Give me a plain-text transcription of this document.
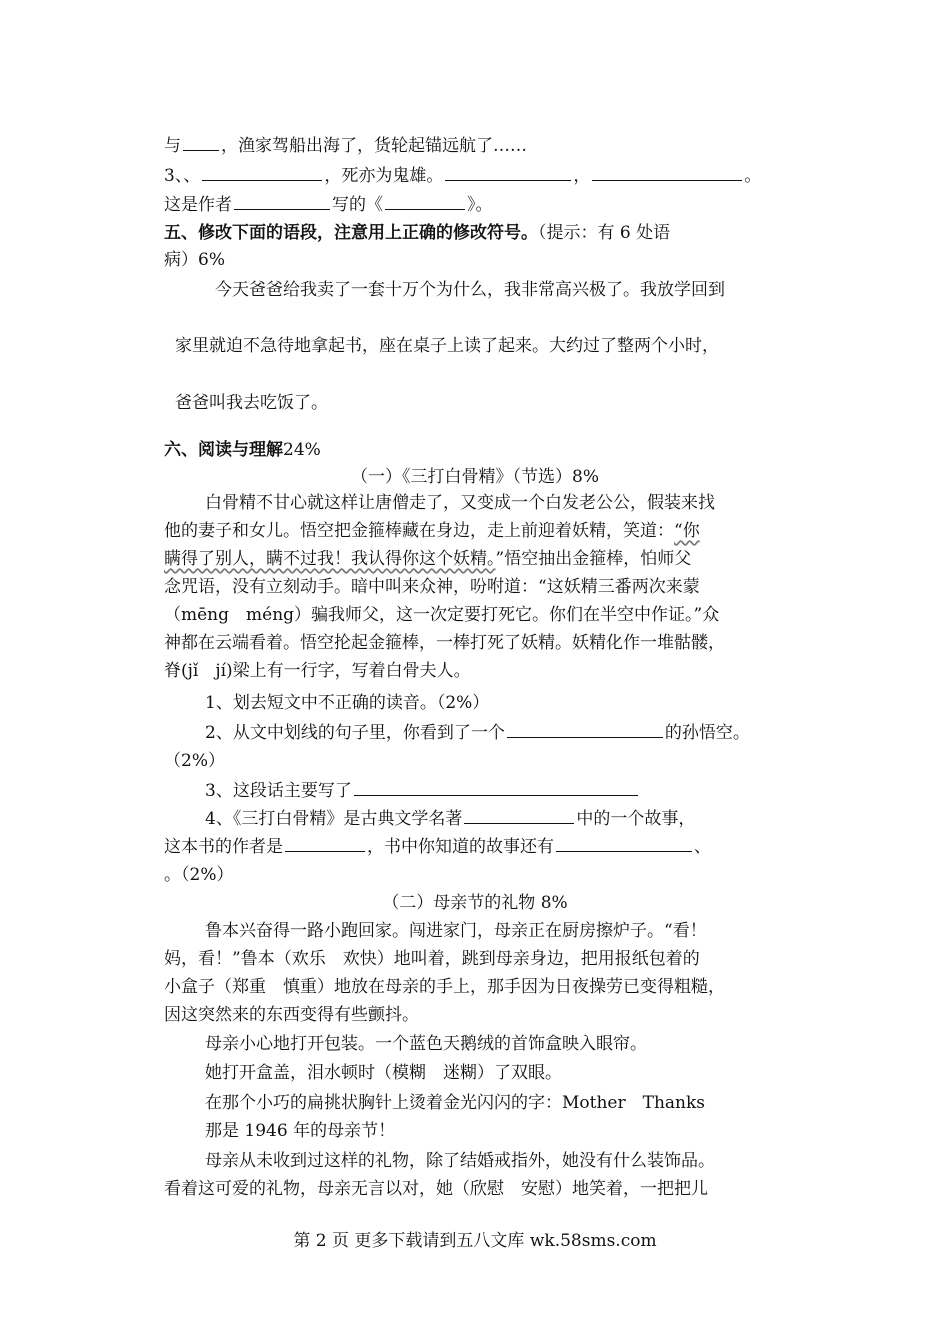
与 ，渔家驾船出海了，货轮起锚远航了……
3、、	，死亦为鬼雄。	，	。
这是作者	写的《	》。
五、修改下面的语段，注意用上正确的修改符号。（提示：有 6 处语
病）6%
今天爸爸给我卖了一套十万个为什么，我非常高兴极了。我放学回到
家里就迫不急待地拿起书，座在桌子上读了起来。大约过了整两个小时，
爸爸叫我去吃饭了。
六、阅读与理解24%
（一）《三打白骨精》（节选）8%
白骨精不甘心就这样让唐僧走了，又变成一个白发老公公，假装来找
他的妻子和女儿。悟空把金箍棒藏在身边，走上前迎着妖精，笑道：“你
瞒得了别人，瞒不过我！我认得你这个妖精。”悟空抽出金箍棒，怕师父
念咒语，没有立刻动手。暗中叫来众神，吩咐道：“这妖精三番两次来蒙
（mēng　méng）骗我师父，这一次定要打死它。你们在半空中作证。”众
神都在云端看着。悟空抡起金箍棒，一棒打死了妖精。妖精化作一堆骷髅，
脊(jǐ　jí)梁上有一行字，写着白骨夫人。
1、划去短文中不正确的读音。（2%）
2、从文中划线的句子里，你看到了一个	的孙悟空。
（2%）
3、这段话主要写了
4、《三打白骨精》是古典文学名著	中的一个故事，
这本书的作者是	，书中你知道的故事还有	、
。（2%）
（二）母亲节的礼物 8%
鲁本兴奋得一路小跑回家。闯进家门，母亲正在厨房擦炉子。“看！
妈，看！”鲁本（欢乐　欢快）地叫着，跳到母亲身边，把用报纸包着的
小盒子（郑重　慎重）地放在母亲的手上，那手因为日夜操劳已变得粗糙，
因这突然来的东西变得有些颤抖。
母亲小心地打开包装。一个蓝色天鹅绒的首饰盒映入眼帘。
她打开盒盖，泪水顿时（模糊　迷糊）了双眼。
在那个小巧的扁挑状胸针上烫着金光闪闪的字：Mother　Thanks
那是 1946 年的母亲节！
母亲从未收到过这样的礼物，除了结婚戒指外，她没有什么装饰品。
看着这可爱的礼物，母亲无言以对，她（欣慰　安慰）地笑着，一把把儿
第 2 页 更多下载请到五八文库 wk.58sms.com
